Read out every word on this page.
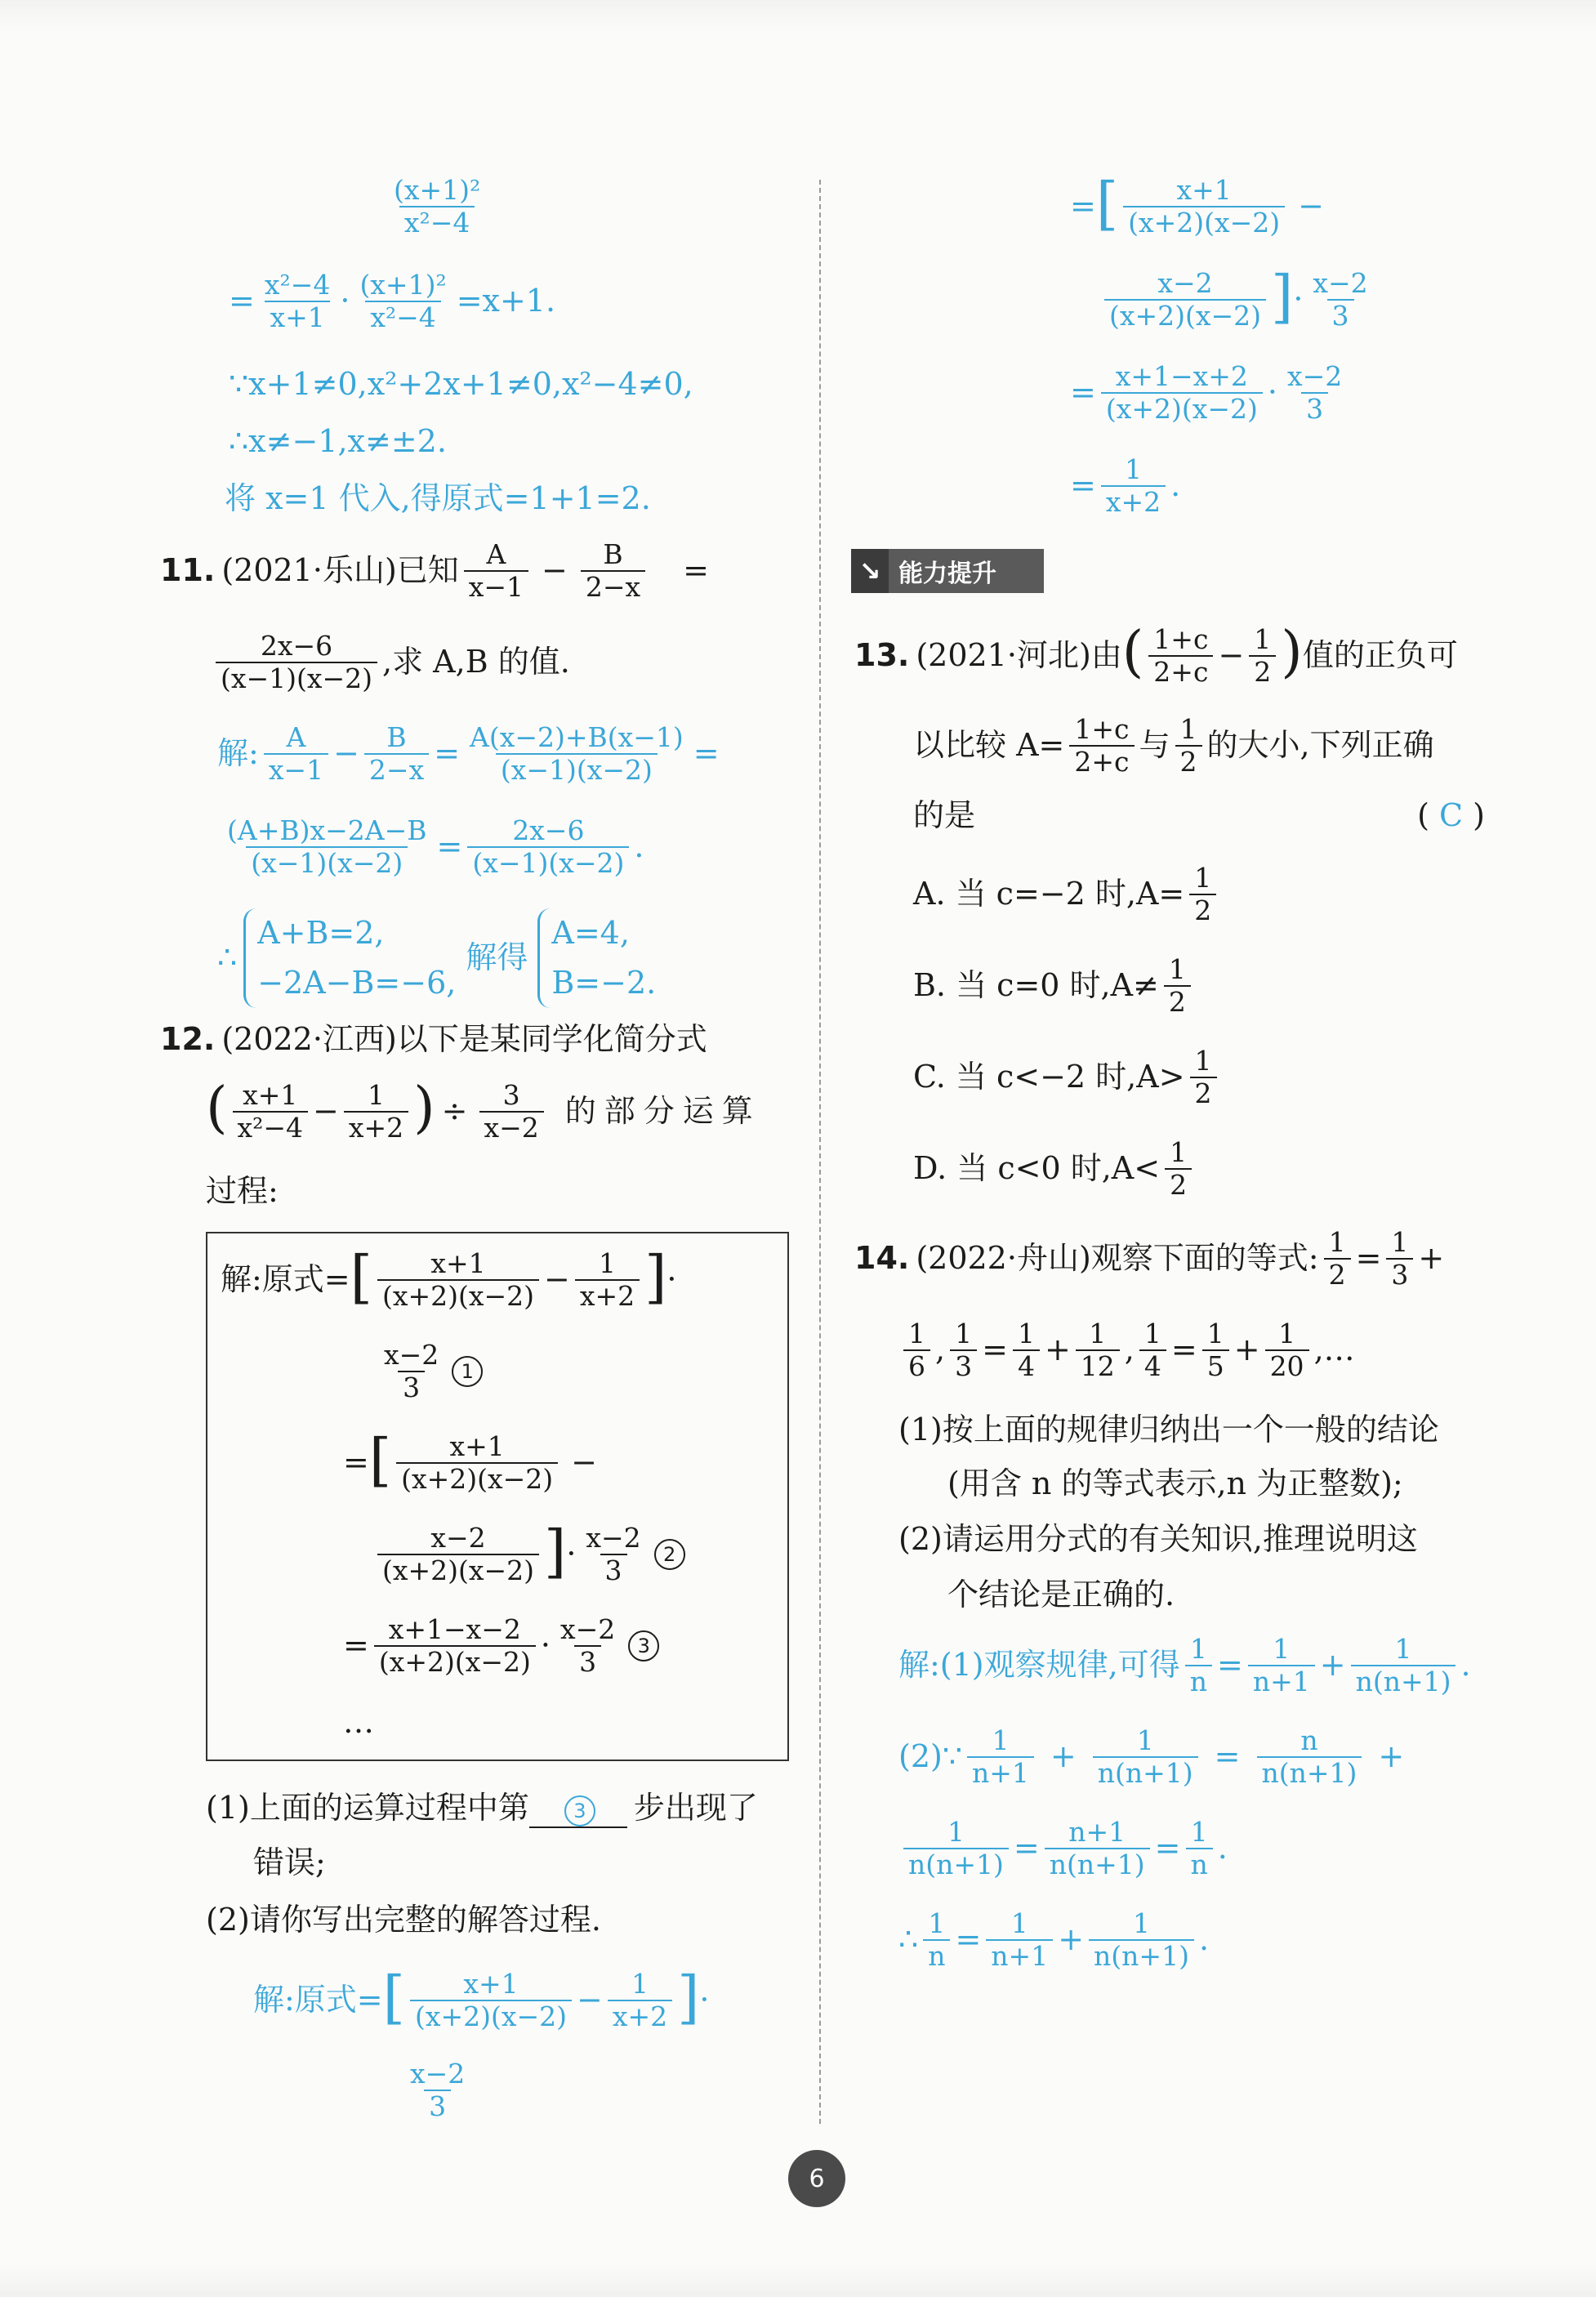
$\frac{\text{(x+1)²}}{\text{x²−4}}$
= $\frac{\text{x²−4}}{x+1} \cdot \frac{\text{(x+1)²}}{\text{x²−4}} =x+1$.
∵x+1≠0,x²+2x+1≠0,x²−4≠0,
∴x≠−1,x≠±2.
将 x=1 代入,得原式=1+1=2.
11. (2021·乐山)已知 $\frac{A}{x-1} - \frac{B}{2-x}$ =
$\frac{2x-6}{(x-1)(x-2)}$ ,求 A,B 的值.
解: $\frac{A}{x-1} - \frac{B}{2-x} = \frac{A(x-2)+B(x-1)}{(x-1)(x-2)}$ =
$\frac{(A+B)x-2A-B}{(x-1)(x-2)} = \frac{2x-6}{(x-1)(x-2)}$ .
∴
A+B=2,
−2A−B=−6,
解得
A=4,
B=−2.
12. (2022·江西)以下是某同学化简分式
( $\frac{x+1}{\text{x²−4}} - \frac{1}{x+2}$ ) ÷ $\frac{3}{x-2}$ 的部分运算
过程:
解:原式= [ $\frac{x+1}{(x+2)(x-2)} - \frac{1}{x+2}$ ] ·
$\frac{x-2}{3} 1$
= [ $\frac{x+1}{(x+2)(x-2)}$ −
$\frac{x-2}{(x+2)(x-2)}$ ] · $\frac{x-2}{3} 2$
= $\frac{x+1-x-2}{(x+2)(x-2)} \cdot \frac{x-2}{3} 3$
…
(1)上面的运算过程中第	3	步出现了
错误;
(2)请你写出完整的解答过程.
解:原式= [ $\frac{x+1}{(x+2)(x-2)} - \frac{1}{x+2}$ ] ·
$\frac{x-2}{3}$
= [ $\frac{x+1}{(x+2)(x-2)}$ −
$\frac{x-2}{(x+2)(x-2)}$ ] · $\frac{x-2}{3}$
= $\frac{x+1-x+2}{(x+2)(x-2)} \cdot \frac{x-2}{3}$
= $\frac{1}{x+2}$ .
↘ 能力提升
13. (2021·河北)由 ( $\frac{1+c}{2+c} - \frac{1}{2}$ ) 值的正负可
以比较 $A= \frac{1+c}{2+c}$ 与 $\frac{1}{2}$ 的大小,下列正确
的是	( C )
A. 当 c=−2 时$,A= \frac{1}{2}$
B. 当 c=0 时$,A\ne \frac{1}{2}$
C. 当 c<−2 时$,A> \frac{1}{2}$
D. 当 c<0 时$,A< \frac{1}{2}$
14. (2022·舟山)观察下面的等式: $\frac{1}{2} = \frac{1}{3}$ +
$\frac{1}{6}$ , $\frac{1}{3} = \frac{1}{4} + \frac{1}{12}$ , $\frac{1}{4} = \frac{1}{5} + \frac{1}{20}$ ,…
(1)按上面的规律归纳出一个一般的结论
(用含 n 的等式表示,n 为正整数);
(2)请运用分式的有关知识,推理说明这
个结论是正确的.
解:(1)观察规律,可得 $\frac{1}{n} = \frac{1}{n+1} + \frac{1}{n(n+1)}$ .
(2)∵ $\frac{1}{n+1} + \frac{1}{n(n+1)} = \frac{n}{n(n+1)}$ +
$\frac{1}{n(n+1)} = \frac{n+1}{n(n+1)} = \frac{1}{n}$ .
∴ $\frac{1}{n} = \frac{1}{n+1} + \frac{1}{n(n+1)}$ .
6
